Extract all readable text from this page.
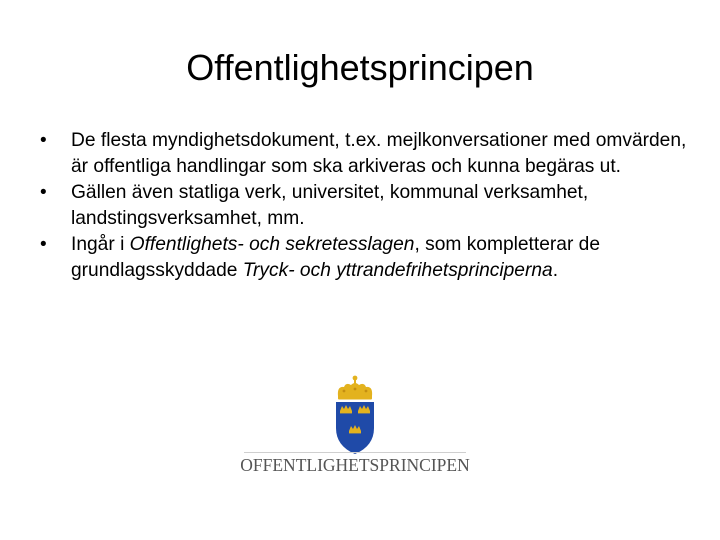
Offentlighetsprincipen
•	De flesta myndighetsdokument, t.ex. mejlkonversationer med omvärden, är offentliga handlingar som ska arkiveras och kunna begäras ut.
•	Gällen även statliga verk, universitet, kommunal verksamhet, landstingsverksamhet, mm.
•	Ingår i Offentlighets- och sekretesslagen, som kompletterar de grundlagsskyddade Tryck- och yttrandefrihetsprinciperna.
OFFENTLIGHETSPRINCIPEN
